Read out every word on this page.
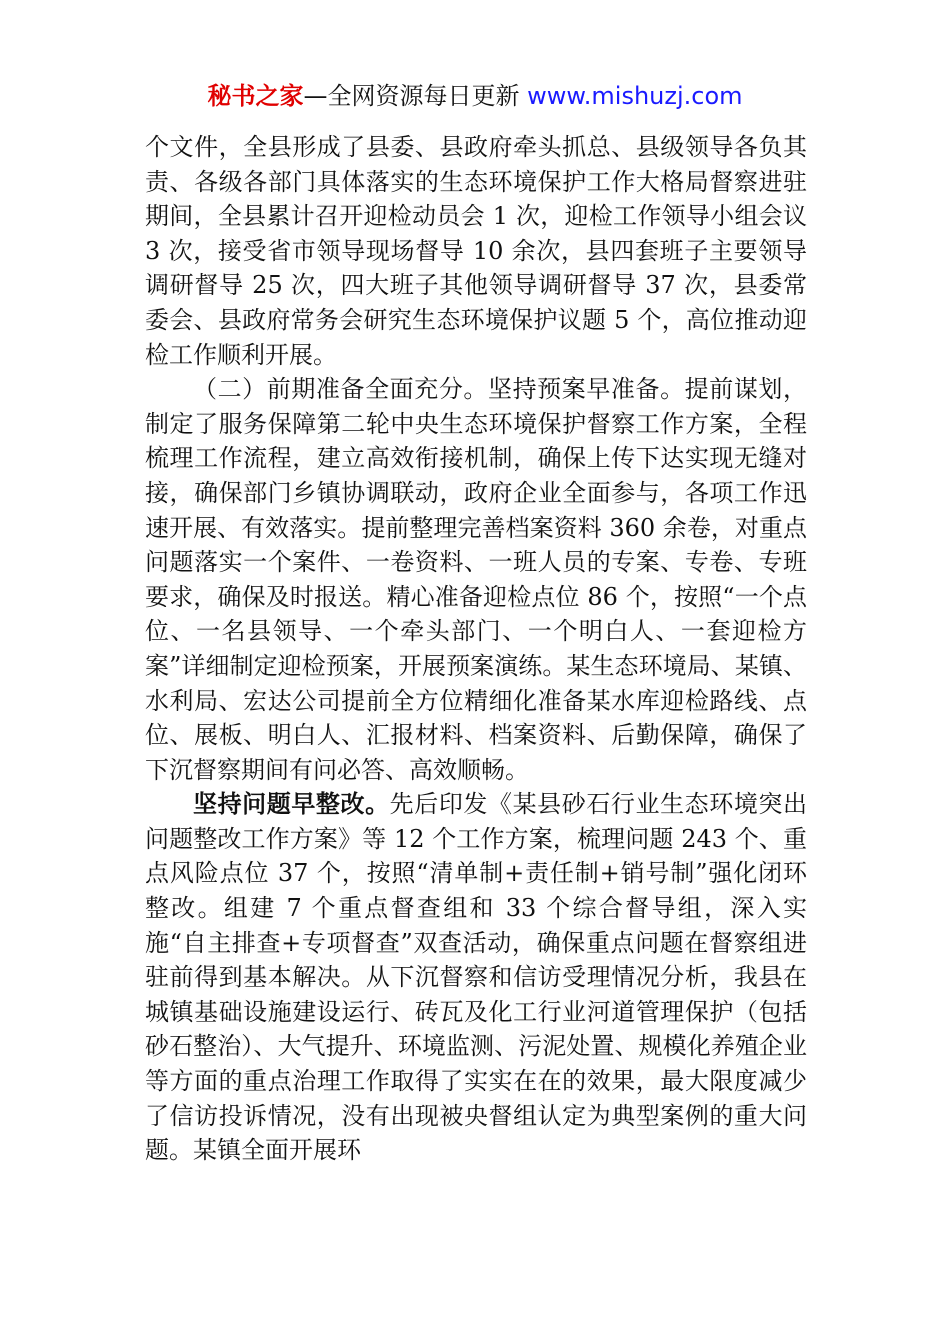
秘书之家—全网资源每日更新 www.mishuzj.com

个文件，全县形成了县委、县政府牵头抓总、县级领导各负其责、各级各部门具体落实的生态环境保护工作大格局督察进驻期间，全县累计召开迎检动员会 1 次，迎检工作领导小组会议 3 次，接受省市领导现场督导 10 余次，县四套班子主要领导调研督导 25 次，四大班子其他领导调研督导 37 次，县委常委会、县政府常务会研究生态环境保护议题 5 个，高位推动迎检工作顺利开展。

（二）前期准备全面充分。坚持预案早准备。提前谋划，制定了服务保障第二轮中央生态环境保护督察工作方案，全程梳理工作流程，建立高效衔接机制，确保上传下达实现无缝对接，确保部门乡镇协调联动，政府企业全面参与，各项工作迅速开展、有效落实。提前整理完善档案资料 360 余卷，对重点问题落实一个案件、一卷资料、一班人员的专案、专卷、专班要求，确保及时报送。精心准备迎检点位 86 个，按照“一个点位、一名县领导、一个牵头部门、一个明白人、一套迎检方案”详细制定迎检预案，开展预案演练。某生态环境局、某镇、水利局、宏达公司提前全方位精细化准备某水库迎检路线、点位、展板、明白人、汇报材料、档案资料、后勤保障，确保了下沉督察期间有问必答、高效顺畅。

坚持问题早整改。先后印发《某县砂石行业生态环境突出问题整改工作方案》等 12 个工作方案，梳理问题 243 个、重点风险点位 37 个，按照“清单制+责任制+销号制”强化闭环整改。组建 7 个重点督查组和 33 个综合督导组，深入实施“自主排查+专项督查”双查活动，确保重点问题在督察组进驻前得到基本解决。从下沉督察和信访受理情况分析，我县在城镇基础设施建设运行、砖瓦及化工行业河道管理保护（包括砂石整治）、大气提升、环境监测、污泥处置、规模化养殖企业等方面的重点治理工作取得了实实在在的效果，最大限度减少了信访投诉情况，没有出现被央督组认定为典型案例的重大问题。某镇全面开展环
